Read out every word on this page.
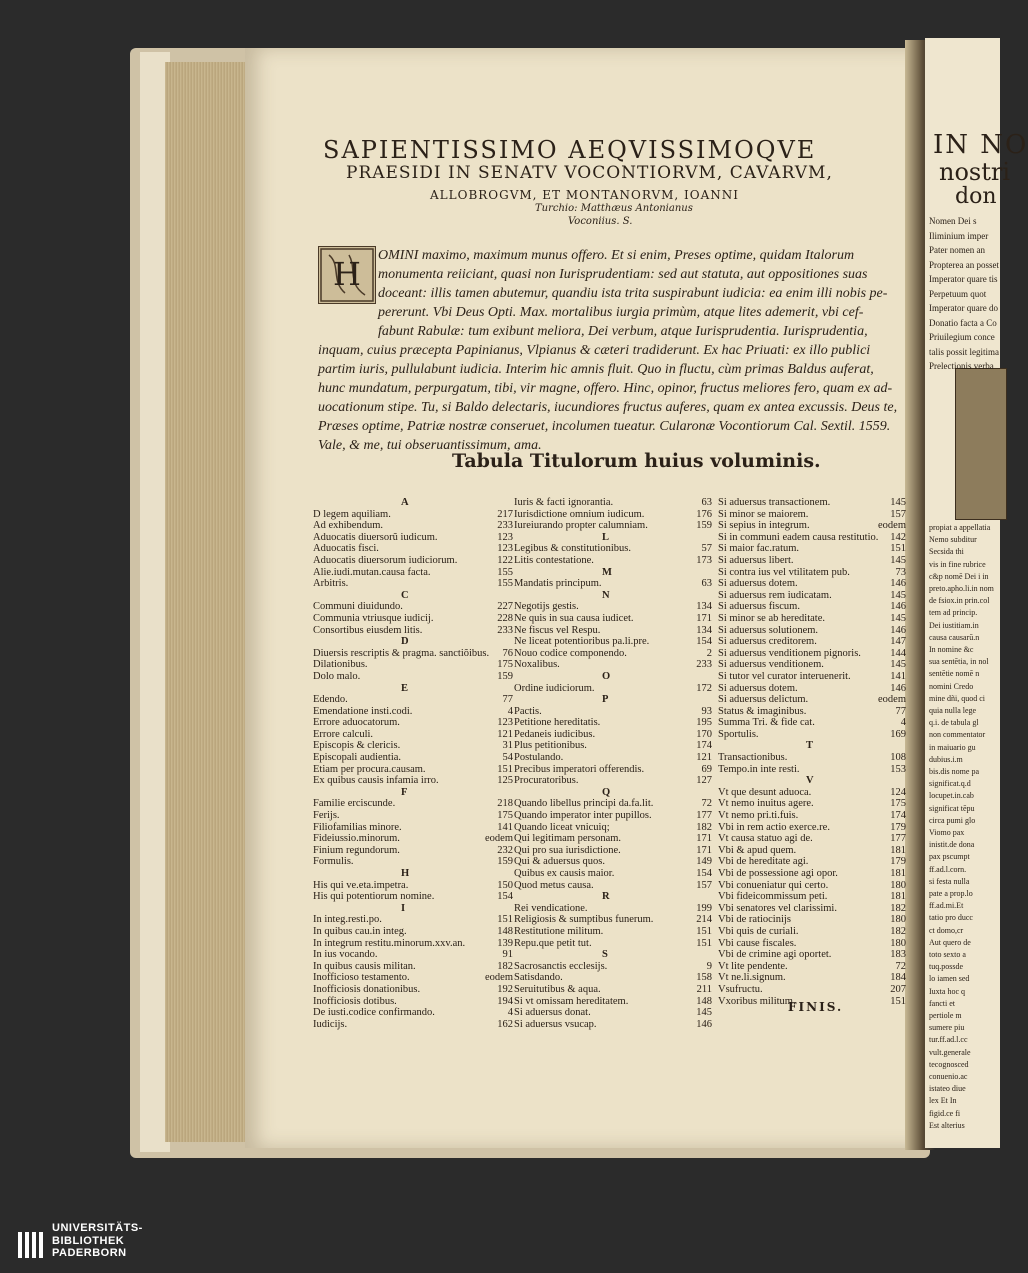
SAPIENTISSIMO AEQVISSIMOQVE
PRAESIDI IN SENATV VOCONTIORVM, CAVARVM,
ALLOBROGVM, ET MONTANORVM, IOANNI
Turchio: Matthæus Antonianus
Voconiius. S.
H	OMINI maximo, maximum munus offero. Et si enim, Preses optime, quidam Italorum

monumenta reiiciant, quasi non Iurisprudentiam: sed aut statuta, aut oppositiones suas

doceant: illis tamen abutemur, quandiu ista trita suspirabunt iudicia: ea enim illi nobis pe-

pererunt. Vbi Deus Opti. Max. mortalibus iurgia primùm, atque lites ademerit, vbi cef-

fabunt Rabulæ: tum exibunt meliora, Dei verbum, atque Iurisprudentia. Iurisprudentia,

inquam, cuius præcepta Papinianus, Vlpianus & cæteri tradiderunt. Ex hac Priuati: ex illo publici

partim iuris, pullulabunt iudicia. Interim hic amnis fluit. Quo in fluctu, cùm primas Baldus auferat,

hunc mundatum, perpurgatum, tibi, vir magne, offero. Hinc, opinor, fructus meliores fero, quam ex ad-

uocationum stipe. Tu, si Baldo delectaris, iucundiores fructus auferes, quam ex antea excussis. Deus te,

Præses optime, Patriæ nostræ conseruet, incolumen tueatur. Cularonæ Vocontiorum Cal. Sextil. 1559.

Vale, & me, tui obseruantissimum, ama.

Tabula Titulorum huius voluminis.
A
D legem aquiliam.	217
Ad exhibendum.	233
Aduocatis diuersorũ iudicum.	123
Aduocatis fisci.	123
Aduocatis diuersorum iudiciorum.	122
Alie.iudi.mutan.causa facta.	155
Arbitris.	155
C
Communi diuidundo.	227
Communia vtriusque iudicij.	228
Consortibus eiusdem litis.	233
D
Diuersis rescriptis & pragma. sanctiõibus.	76
Dilationibus.	175
Dolo malo.	159
E
Edendo.	77
Emendatione insti.codi.	4
Errore aduocatorum.	123
Errore calculi.	121
Episcopis & clericis.	31
Episcopali audientia.	54
Etiam per procura.causam.	151
Ex quibus causis infamia irro.	125
F
Familie erciscunde.	218
Ferijs.	175
Filiofamilias minore.	141
Fideiussio.minorum.	eodem
Finium regundorum.	232
Formulis.	159
H
His qui ve.eta.impetra.	150
His qui potentiorum nomine.	154
I
In integ.resti.po.	151
In quibus cau.in integ.	148
In integrum restitu.minorum.xxv.an.	139
In ius vocando.	91
In quibus causis militan.	182
Inofficioso testamento.	eodem
Inofficiosis donationibus.	192
Inofficiosis dotibus.	194
De iusti.codice confirmando.	4
Iudicijs.	162
Iuris & facti ignorantia.	63
Iurisdictione omnium iudicum.	176
Iureiurando propter calumniam.	159
L
Legibus & constitutionibus.	57
Litis contestatione.	173
M
Mandatis principum.	63
N
Negotijs gestis.	134
Ne quis in sua causa iudicet.	171
Ne fiscus vel Respu.	134
Ne liceat potentioribus pa.li.pre.	154
Nouo codice componendo.	2
Noxalibus.	233
O
Ordine iudiciorum.	172
P
Pactis.	93
Petitione hereditatis.	195
Pedaneis iudicibus.	170
Plus petitionibus.	174
Postulando.	121
Precibus imperatori offerendis.	69
Procuratoribus.	127
Q
Quando libellus principi da.fa.lit.	72
Quando imperator inter pupillos.	177
Quando liceat vnicuiq;	182
Qui legitimam personam.	171
Qui pro sua iurisdictione.	171
Qui & aduersus quos.	149
Quibus ex causis maior.	154
Quod metus causa.	157
R
Rei vendicatione.	199
Religiosis & sumptibus funerum.	214
Restitutione militum.	151
Repu.que petit tut.	151
S
Sacrosanctis ecclesijs.	9
Satisdando.	158
Seruitutibus & aqua.	211
Si vt omissam hereditatem.	148
Si aduersus donat.	145
Si aduersus vsucap.	146
Si aduersus transactionem.	145
Si minor se maiorem.	157
Si sepius in integrum.	eodem
Si in communi eadem causa restitutio.	142
Si maior fac.ratum.	151
Si aduersus libert.	145
Si contra ius vel vtilitatem pub.	73
Si aduersus dotem.	146
Si aduersus rem iudicatam.	145
Si aduersus fiscum.	146
Si minor se ab hereditate.	145
Si aduersus solutionem.	146
Si aduersus creditorem.	147
Si aduersus venditionem pignoris.	144
Si aduersus venditionem.	145
Si tutor vel curator interuenerit.	141
Si aduersus dotem.	146
Si aduersus delictum.	eodem
Status & imaginibus.	77
Summa Tri. & fide cat.	4
Sportulis.	169
T
Transactionibus.	108
Tempo.in inte resti.	153
V
Vt que desunt aduoca.	124
Vt nemo inuitus agere.	175
Vt nemo pri.ti.fuis.	174
Vbi in rem actio exerce.re.	179
Vt causa statuo agi de.	177
Vbi & apud quem.	181
Vbi de hereditate agi.	179
Vbi de possessione agi opor.	181
Vbi conueniatur qui certo.	180
Vbi fideicommissum peti.	181
Vbi senatores vel clarissimi.	182
Vbi de ratiocinijs	180
Vbi quis de curiali.	182
Vbi cause fiscales.	180
Vbi de crimine agi oportet.	183
Vt lite pendente.	72
Vt ne.li.signum.	184
Vsufructu.	207
Vxoribus militum.	151
FINIS.
IN NO
nostri
don
Nomen Dei s
Iliminium imper
Pater nomen an
Propterea an posset
Imperator quare tis
Perpetuum quot
Imperator quare do
Donatio facta a Co
Priuilegium conce
talis possit legitima
Prelectionis verba
propiat a appellatia
Nemo subditur
Secsida thi
vis in fine rubrice
c&p nomē Dei i in
preto.apho.li.in nom
de fsiox.in prin.col
tem ad princip.
Dei iustitiam.in
causa causarū.n
In nomine &c
sua sentētia, in nol
sentētie nomē n
nomini Credo
mine dñi, quod ci
quia nulla lege
q.i. de tabula gl
non commentator
in maiuario gu
dubius.i.m
bis.dis nome pa
significat.q.d
locupet.in.cab
significat tēpu
circa pumi glo
Viomo pax
inistit.de dona
pax pscumpt
ff.ad.l.corn.
si festa nulla
pate a prop.lo
ff.ad.mi.Et
tatio pro ducc
ct domo,cr
Aut quero de
toto sexto a
tuq.possde
lo iamen sed
Iuxta hoc q
fancti et
pertiole m
sumere piu
tur.ff.ad.l.cc
vult.generale
tecognosced
conuenio.ac
istateo diue
lex Et In
figid.ce fi
Est alterius
UNIVERSITÄTS-
BIBLIOTHEK
PADERBORN
